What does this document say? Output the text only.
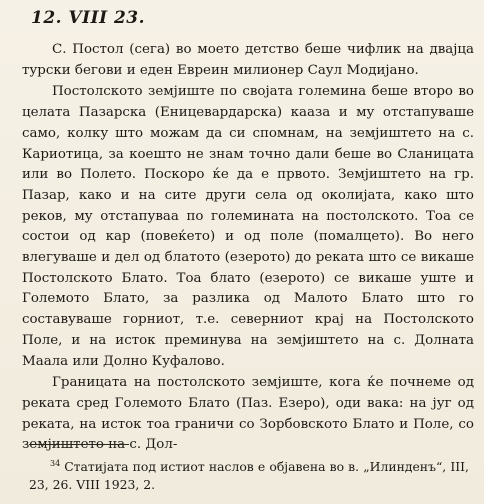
12. VIII 23.

С. Постол (сега) во моето детство беше чифлик на дваjца турски бегови и еден Евреин милионер Саул Модијано.

Постолското земјиште по својата големина беше второ во целата Пазарска (Еницевардарска) кааза и му отстапуваше само, колку што можам да си спомнам, на земјиштето на с. Кариотица, за коешто не знам точно дали беше во Сланицата или во Полето. Поскоро ќе да е првото. Земјиштето на гр. Пазар, како и на сите други села од околијата, како што реков, му отстапуваа по големината на постолското. Тоа се состои од кар (повеќето) и од поле (помалцето). Во него влегуваше и дел од блатото (езерото) до реката што се викаше Постолското Блато. Тоа блато (езерото) се викаше уште и Големото Блато, за разлика од Малото Блато што го составуваше горниот, т.е. северниот крај на Постолското Поле, и на исток преминува на земјиштето на с. Долната Маала или Долно Куфалово.

Границата на постолското земјиште, кога ќе почнеме од реката сред Големото Блато (Паз. Езеро), оди вака: на југ од реката, на исток тоа граничи со Зорбовското Блато и Поле, со земјиштето на с. Дол-

$^{34}$ Статијата под истиот наслов е објавена во в. „Илинденъ“, III, 23, 26. VIII 1923, 2.
